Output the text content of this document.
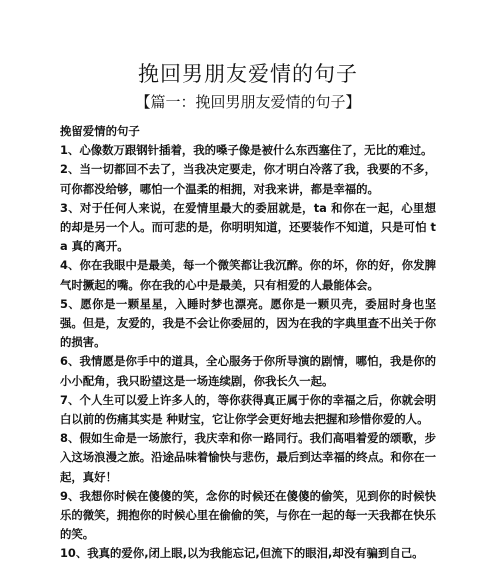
挽回男朋友爱情的句子
【篇一：挽回男朋友爱情的句子】
挽留爱情的句子

1、心像数万跟钢针插着，我的嗓子像是被什么东西塞住了，无比的难过。

2、当一切都回不去了，当我决定要走，你才明白冷落了我，我要的不多，可你都没给够，哪怕一个温柔的相拥，对我来讲，都是幸福的。

3、对于任何人来说，在爱情里最大的委屈就是，ta 和你在一起，心里想的却是另一个人。而可悲的是，你明明知道，还要装作不知道，只是可怕 ta 真的离开。

4、你在我眼中是最美，每一个微笑都让我沉醉。你的坏，你的好，你发脾气时撅起的嘴。你在我的心中是最美，只有相爱的人最能体会。

5、愿你是一颗星星，入睡时梦也漂亮。愿你是一颗贝壳，委屈时身也坚强。但是，友爱的，我是不会让你委屈的，因为在我的字典里查不出关于你的损害。

6、我情愿是你手中的道具，全心服务于你所导演的剧情，哪怕，我是你的小小配角，我只盼望这是一场连续剧，你我长久一起。

7、个人生可以爱上许多人的，等你获得真正属于你的幸福之后，你就会明白以前的伤痛其实是 种财宝，它让你学会更好地去把握和珍惜你爱的人。

8、假如生命是一场旅行，我庆幸和你一路同行。我们高唱着爱的颂歌，步入这场浪漫之旅。沿途品味着愉快与悲伤，最后到达幸福的终点。和你在一起，真好！

9、我想你时候在傻傻的笑，念你的时候还在傻傻的偷笑，见到你的时候快乐的微笑，拥抱你的时候心里在偷偷的笑，与你在一起的每一天我都在快乐的笑。

10、我真的爱你,闭上眼,以为我能忘记,但流下的眼泪,却没有骗到自己。
